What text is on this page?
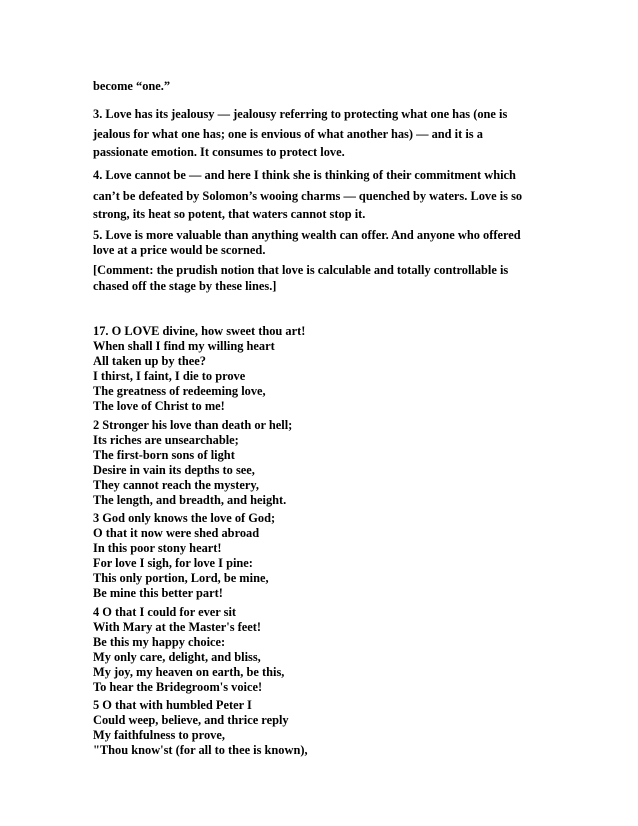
become “one.”

3. Love has its jealousy — jealousy referring to protecting what one has (one is

jealous for what one has; one is envious of what another has) — and it is a

passionate emotion. It consumes to protect love.

4. Love cannot be — and here I think she is thinking of their commitment which

can’t be defeated by Solomon’s wooing charms — quenched by waters. Love is so

strong, its heat so potent, that waters cannot stop it.

5. Love is more valuable than anything wealth can offer. And anyone who offered

love at a price would be scorned.

[Comment: the prudish notion that love is calculable and totally controllable is

chased off the stage by these lines.]

17. O LOVE divine, how sweet thou art!

When shall I find my willing heart

All taken up by thee?

I thirst, I faint, I die to prove

The greatness of redeeming love,

The love of Christ to me!

2 Stronger his love than death or hell;

Its riches are unsearchable;

The first-born sons of light

Desire in vain its depths to see,

They cannot reach the mystery,

The length, and breadth, and height.

3 God only knows the love of God;

O that it now were shed abroad

In this poor stony heart!

For love I sigh, for love I pine:

This only portion, Lord, be mine,

Be mine this better part!

4 O that I could for ever sit

With Mary at the Master's feet!

Be this my happy choice:

My only care, delight, and bliss,

My joy, my heaven on earth, be this,

To hear the Bridegroom's voice!

5 O that with humbled Peter I

Could weep, believe, and thrice reply

My faithfulness to prove,

"Thou know'st (for all to thee is known),
